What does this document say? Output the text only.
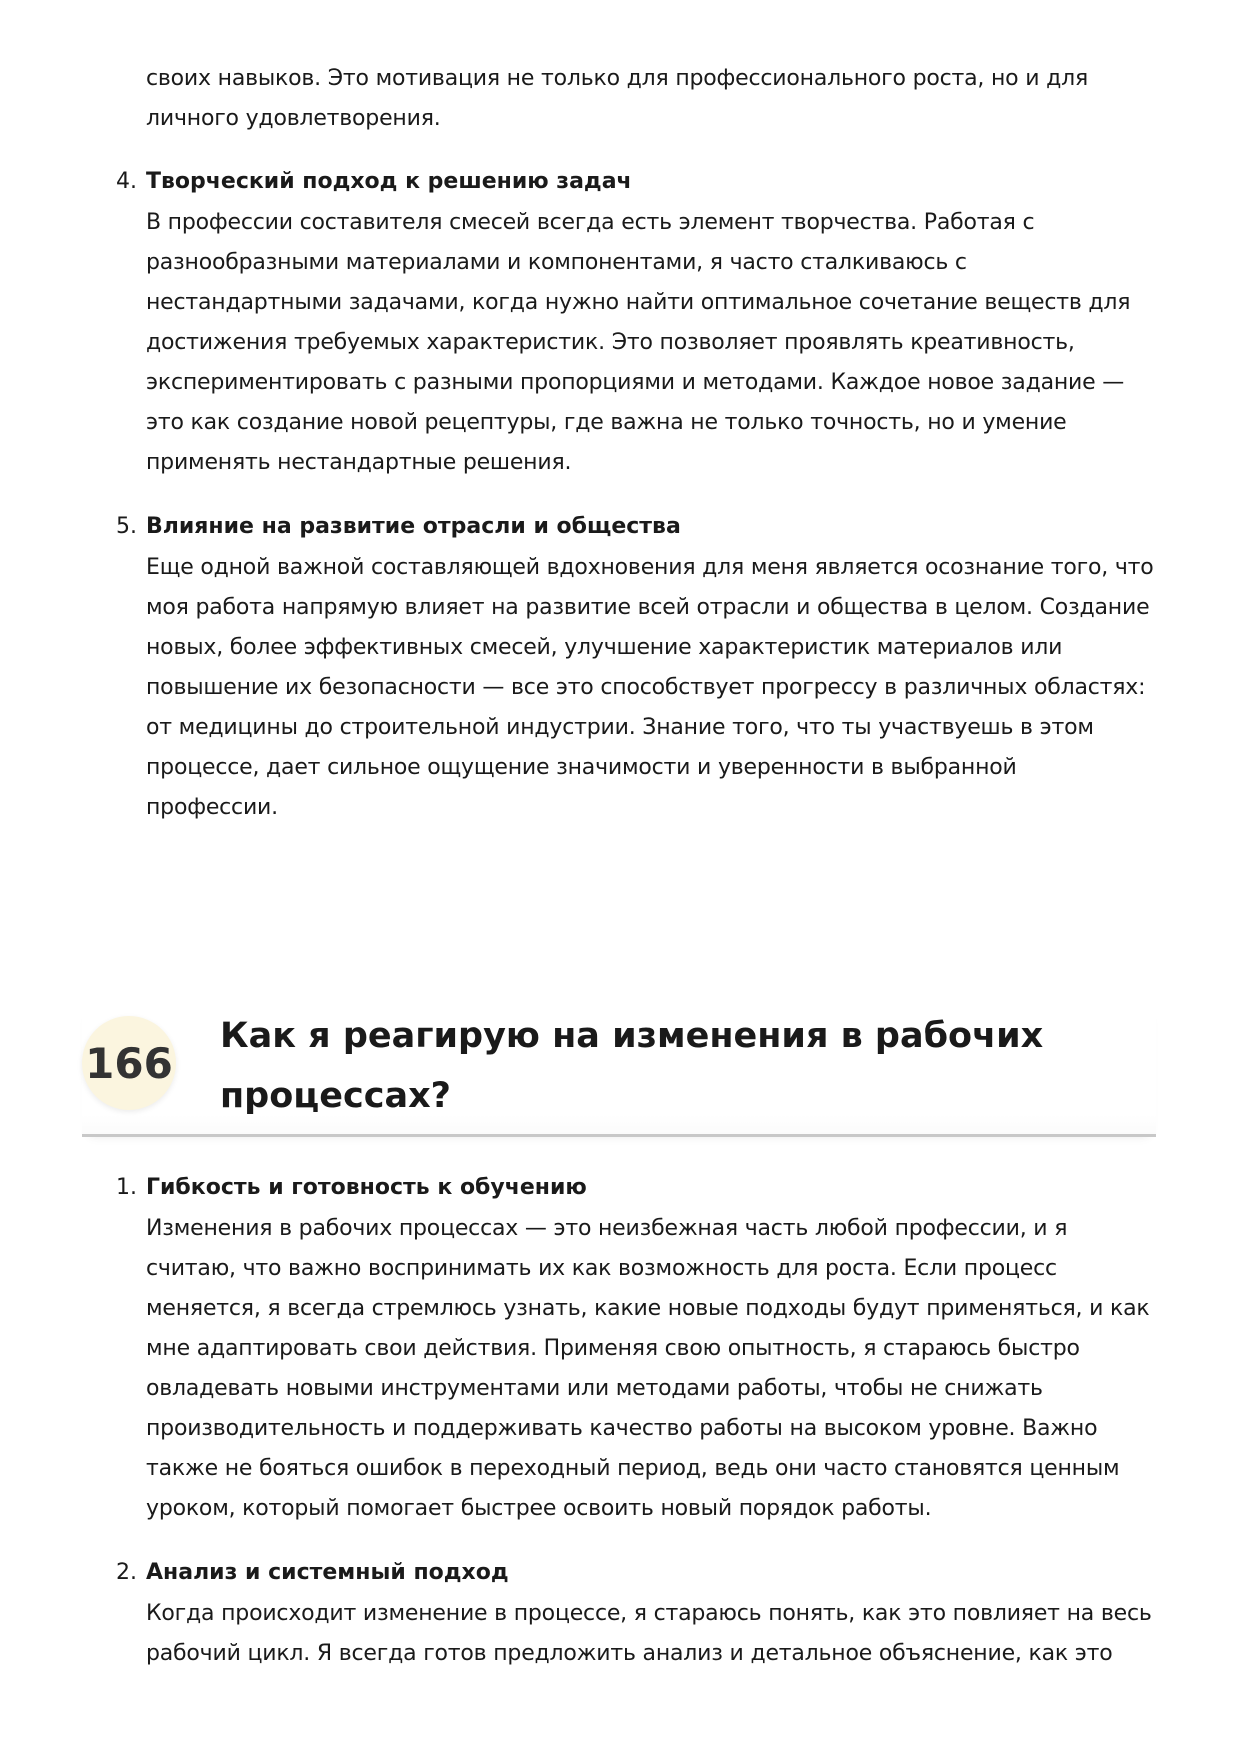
своих навыков. Это мотивация не только для профессионального роста, но и для
личного удовлетворения.

4. Творческий подход к решению задач

В профессии составителя смесей всегда есть элемент творчества. Работая с
разнообразными материалами и компонентами, я часто сталкиваюсь с
нестандартными задачами, когда нужно найти оптимальное сочетание веществ для
достижения требуемых характеристик. Это позволяет проявлять креативность,
экспериментировать с разными пропорциями и методами. Каждое новое задание —
это как создание новой рецептуры, где важна не только точность, но и умение
применять нестандартные решения.

5. Влияние на развитие отрасли и общества

Еще одной важной составляющей вдохновения для меня является осознание того, что
моя работа напрямую влияет на развитие всей отрасли и общества в целом. Создание
новых, более эффективных смесей, улучшение характеристик материалов или
повышение их безопасности — все это способствует прогрессу в различных областях:
от медицины до строительной индустрии. Знание того, что ты участвуешь в этом
процессе, дает сильное ощущение значимости и уверенности в выбранной
профессии.

166
Как я реагирую на изменения в рабочих
процессах?
1. Гибкость и готовность к обучению

Изменения в рабочих процессах — это неизбежная часть любой профессии, и я
считаю, что важно воспринимать их как возможность для роста. Если процесс
меняется, я всегда стремлюсь узнать, какие новые подходы будут применяться, и как
мне адаптировать свои действия. Применяя свою опытность, я стараюсь быстро
овладевать новыми инструментами или методами работы, чтобы не снижать
производительность и поддерживать качество работы на высоком уровне. Важно
также не бояться ошибок в переходный период, ведь они часто становятся ценным
уроком, который помогает быстрее освоить новый порядок работы.

2. Анализ и системный подход

Когда происходит изменение в процессе, я стараюсь понять, как это повлияет на весь
рабочий цикл. Я всегда готов предложить анализ и детальное объяснение, как это
